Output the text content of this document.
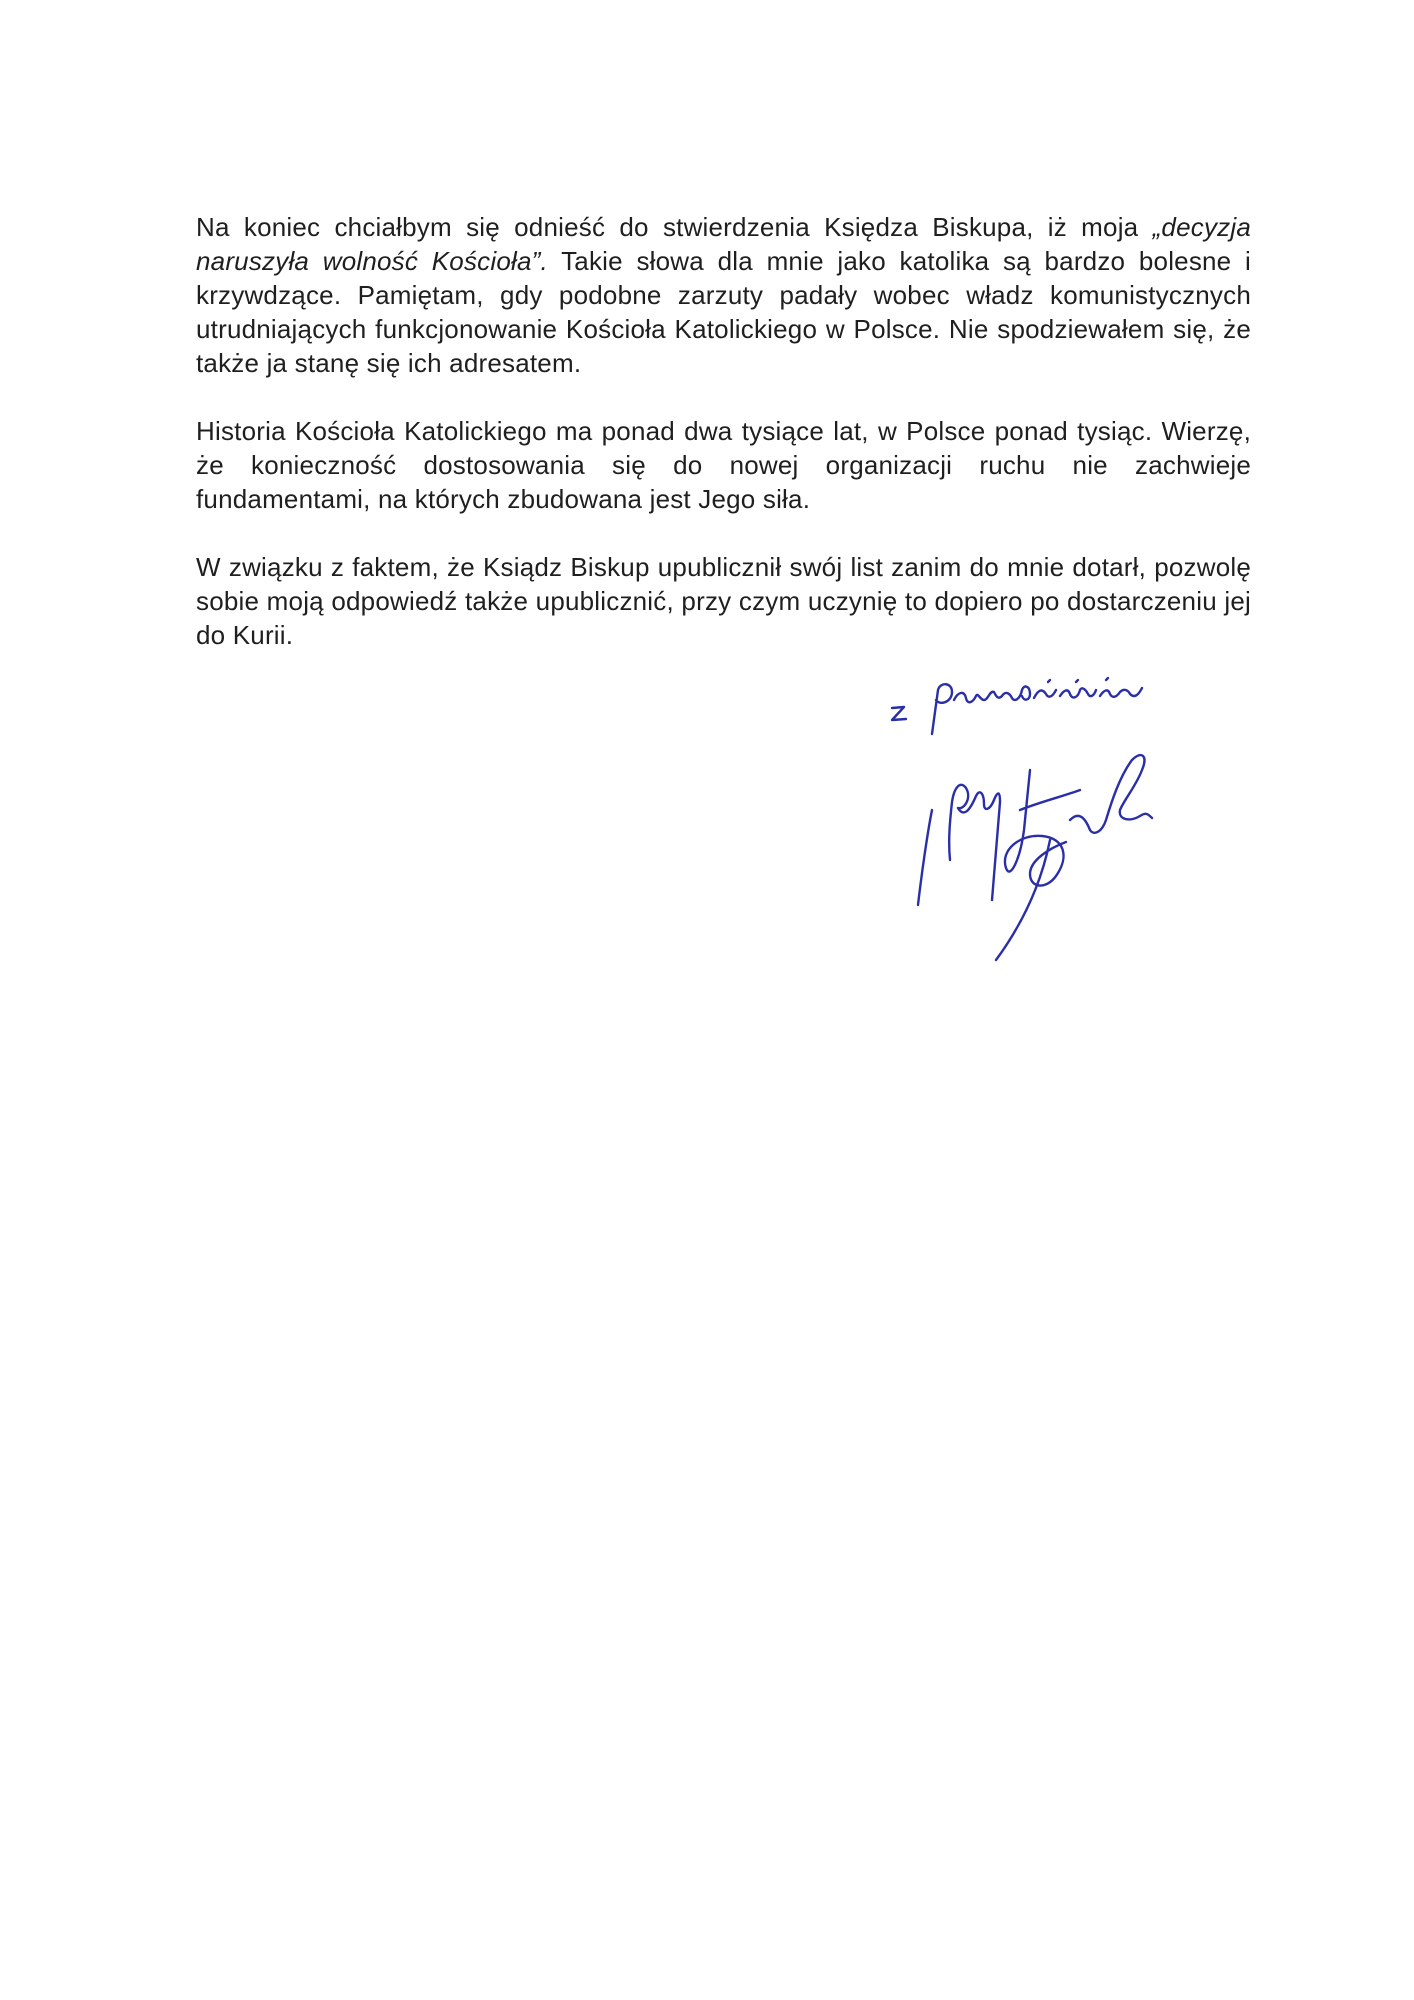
Na koniec chciałbym się odnieść do stwierdzenia Księdza Biskupa, iż moja „decyzja naruszyła wolność Kościoła”. Takie słowa dla mnie jako katolika są bardzo bolesne i krzywdzące. Pamiętam, gdy podobne zarzuty padały wobec władz komunistycznych utrudniających funkcjonowanie Kościoła Katolickiego w Polsce. Nie spodziewałem się, że także ja stanę się ich adresatem.

Historia Kościoła Katolickiego ma ponad dwa tysiące lat, w Polsce ponad tysiąc. Wierzę, że konieczność dostosowania się do nowej organizacji ruchu nie zachwieje fundamentami, na których zbudowana jest Jego siła.

W związku z faktem, że Ksiądz Biskup upublicznił swój list zanim do mnie dotarł, pozwolę sobie moją odpowiedź także upublicznić, przy czym uczynię to dopiero po dostarczeniu jej do Kurii.
